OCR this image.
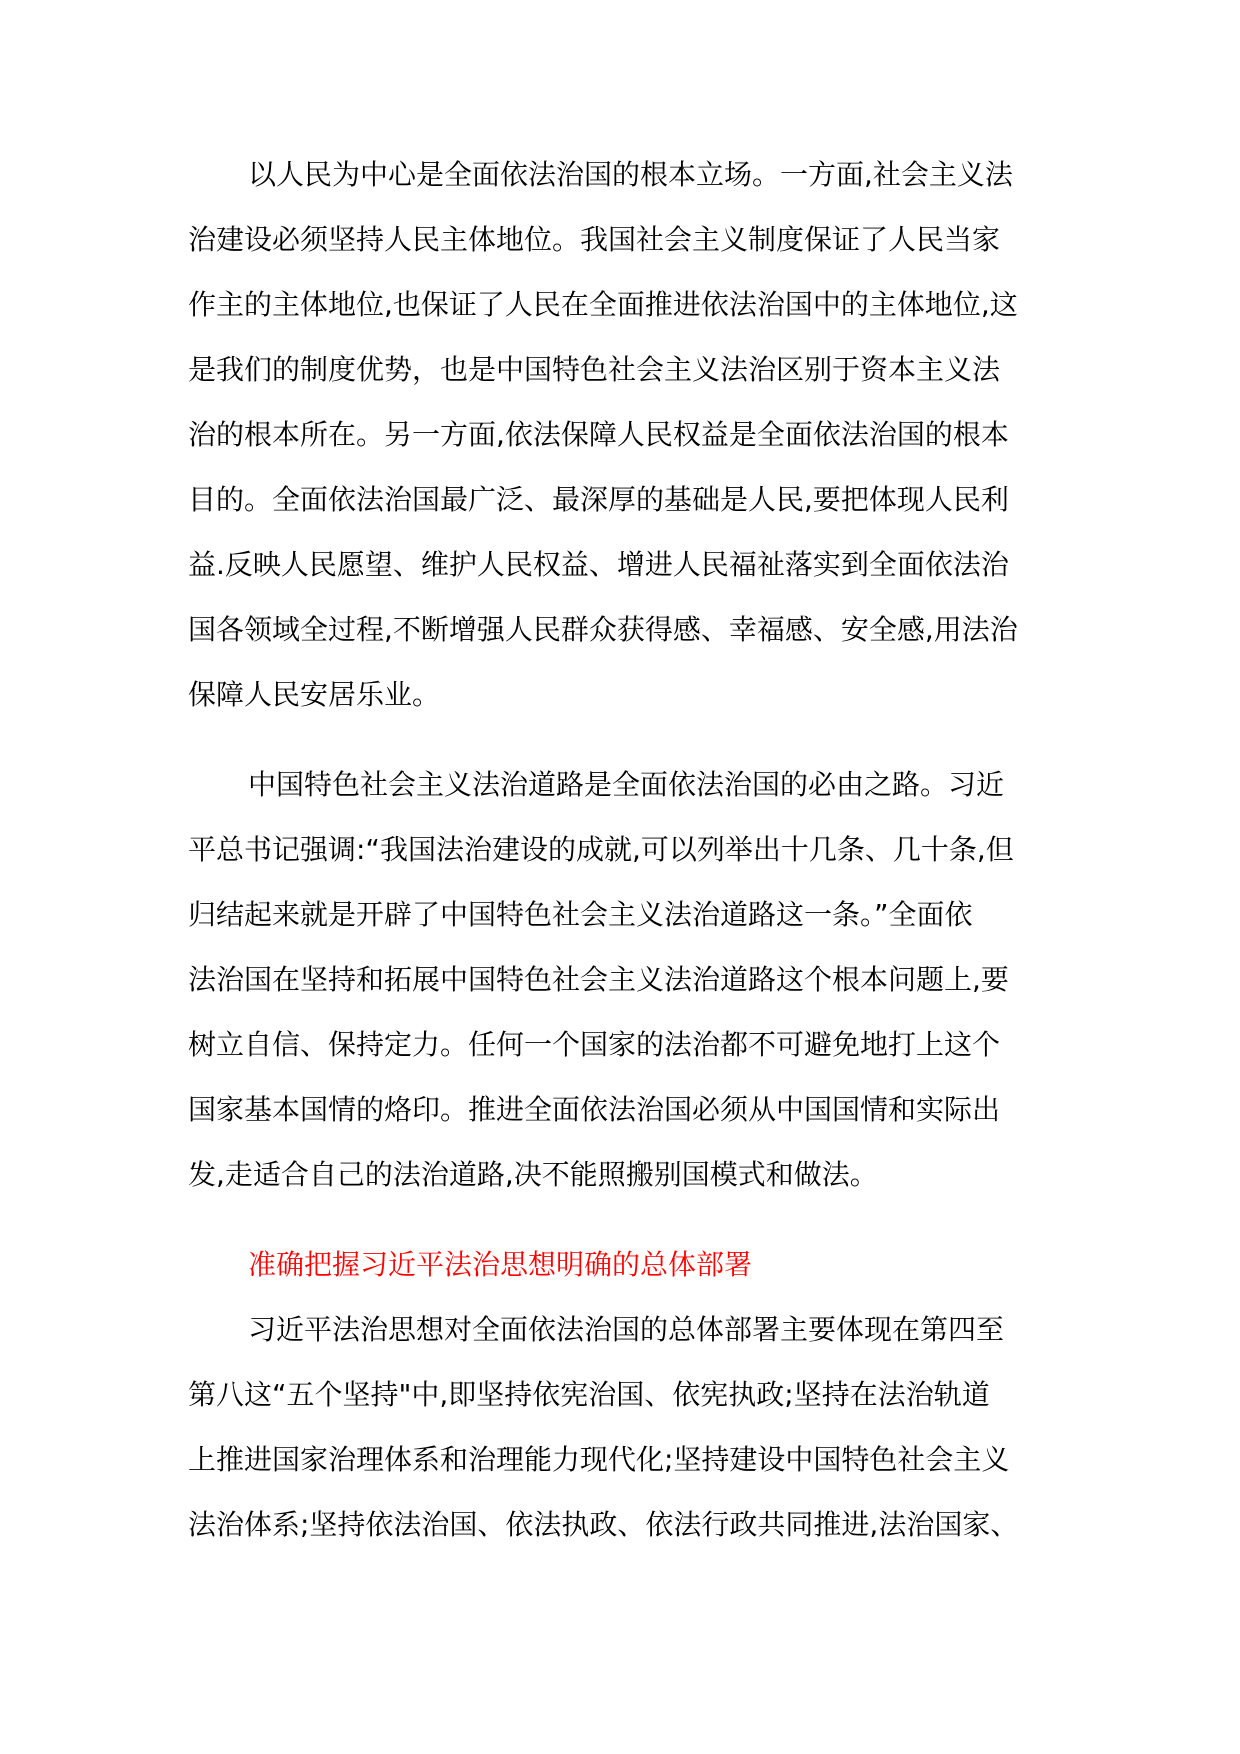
以人民为中心是全面依法治国的根本立场。一方面,社会主义法
治建设必须坚持人民主体地位。我国社会主义制度保证了人民当家
作主的主体地位,也保证了人民在全面推进依法治国中的主体地位,这
是我们的制度优势，也是中国特色社会主义法治区别于资本主义法
治的根本所在。另一方面,依法保障人民权益是全面依法治国的根本
目的。全面依法治国最广泛、最深厚的基础是人民,要把体现人民利
益.反映人民愿望、维护人民权益、增进人民福祉落实到全面依法治
国各领域全过程,不断增强人民群众获得感、幸福感、安全感,用法治
保障人民安居乐业。
中国特色社会主义法治道路是全面依法治国的必由之路。习近
平总书记强调:“我国法治建设的成就,可以列举出十几条、几十条,但
归结起来就是开辟了中国特色社会主义法治道路这一条。”全面依
法治国在坚持和拓展中国特色社会主义法治道路这个根本问题上,要
树立自信、保持定力。任何一个国家的法治都不可避免地打上这个
国家基本国情的烙印。推进全面依法治国必须从中国国情和实际出
发,走适合自己的法治道路,决不能照搬别国模式和做法。
准确把握习近平法治思想明确的总体部署
习近平法治思想对全面依法治国的总体部署主要体现在第四至
第八这“五个坚持"中,即坚持依宪治国、依宪执政;坚持在法治轨道
上推进国家治理体系和治理能力现代化;坚持建设中国特色社会主义
法治体系;坚持依法治国、依法执政、依法行政共同推进,法治国家、
